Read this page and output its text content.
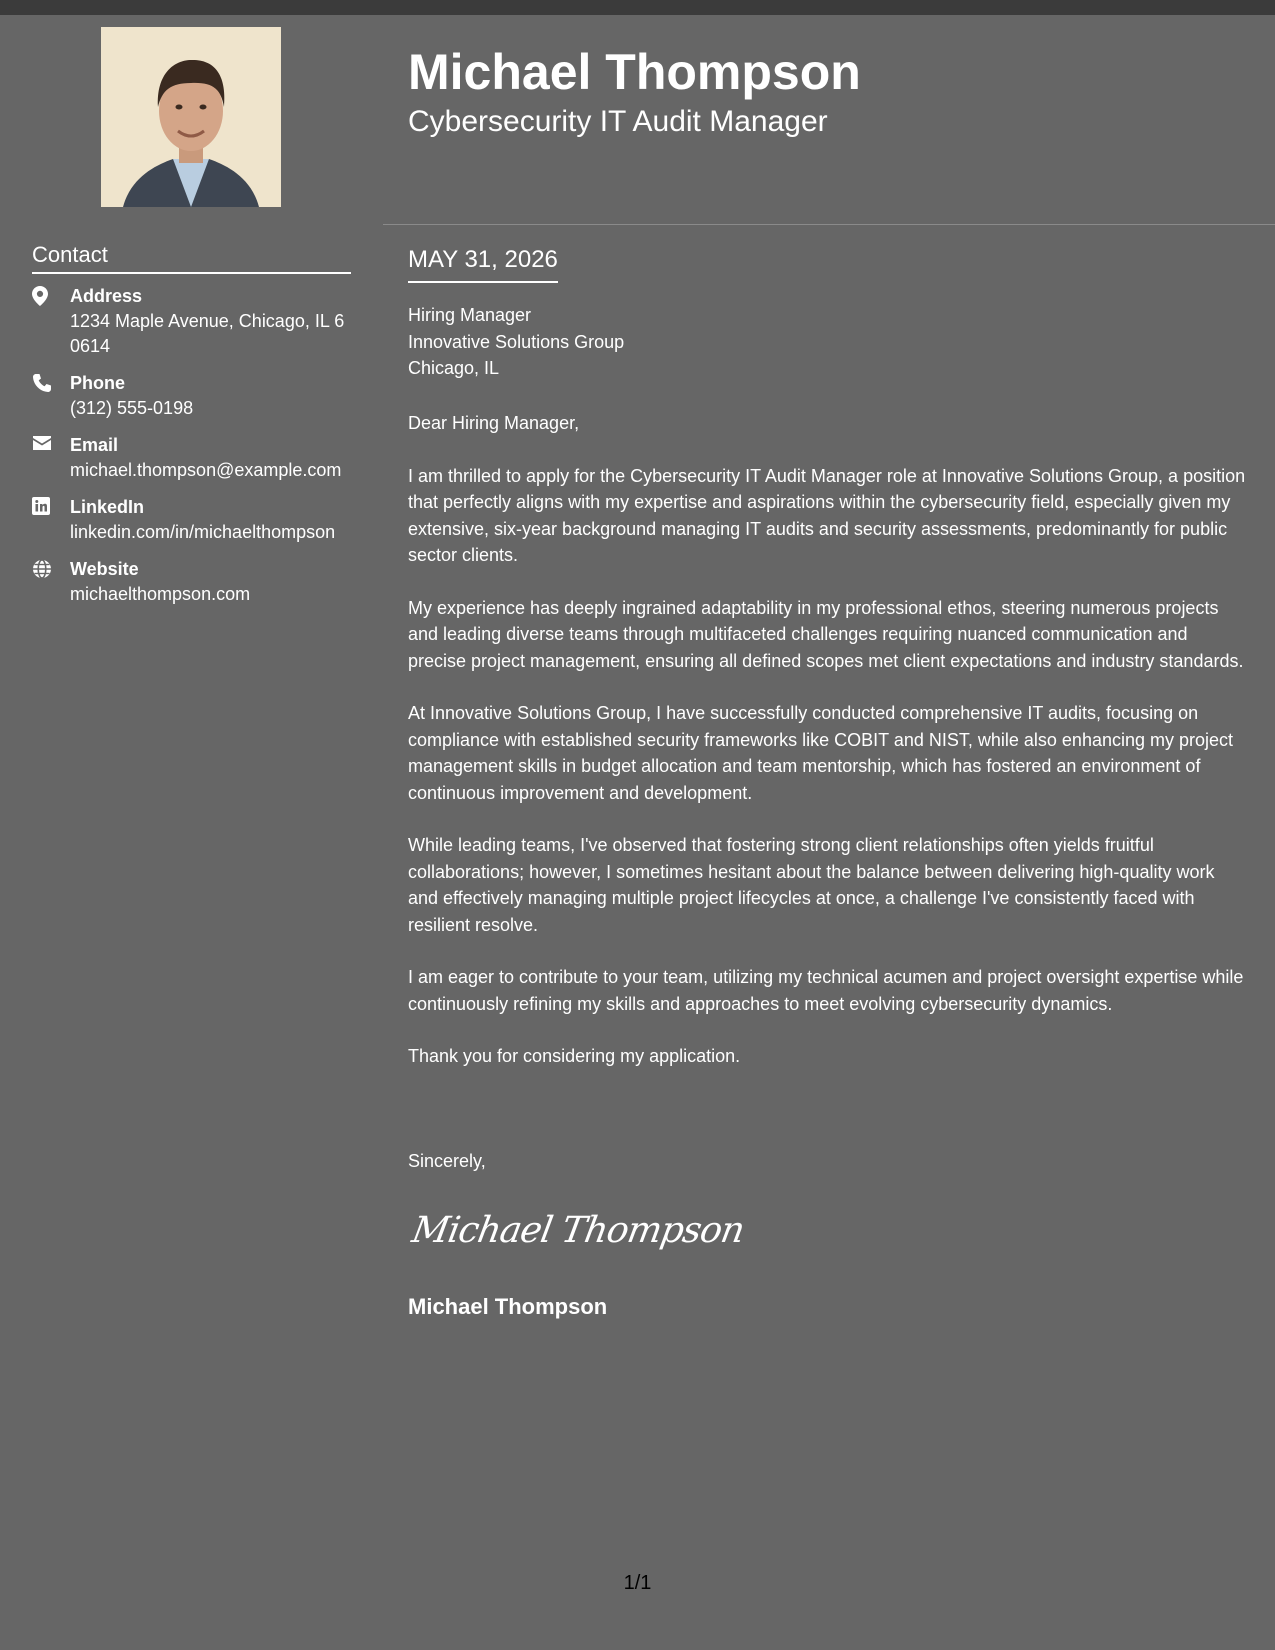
Contact
Address
1234 Maple Avenue, Chicago, IL 60614
Phone
(312) 555-0198
Email
michael.thompson@example.com
LinkedIn
linkedin.com/in/michaelthompson
Website
michaelthompson.com
Michael Thompson
Cybersecurity IT Audit Manager
MAY 31, 2026
Hiring Manager
Innovative Solutions Group
Chicago, IL

Dear Hiring Manager,

I am thrilled to apply for the Cybersecurity IT Audit Manager role at Innovative Solutions Group, a position that perfectly aligns with my expertise and aspirations within the cybersecurity field, especially given my extensive, six-year background managing IT audits and security assessments, predominantly for public sector clients.

My experience has deeply ingrained adaptability in my professional ethos, steering numerous projects and leading diverse teams through multifaceted challenges requiring nuanced communication and precise project management, ensuring all defined scopes met client expectations and industry standards.

At Innovative Solutions Group, I have successfully conducted comprehensive IT audits, focusing on compliance with established security frameworks like COBIT and NIST, while also enhancing my project management skills in budget allocation and team mentorship, which has fostered an environment of continuous improvement and development.

While leading teams, I've observed that fostering strong client relationships often yields fruitful collaborations; however, I sometimes hesitant about the balance between delivering high-quality work and effectively managing multiple project lifecycles at once, a challenge I've consistently faced with resilient resolve.

I am eager to contribute to your team, utilizing my technical acumen and project oversight expertise while continuously refining my skills and approaches to meet evolving cybersecurity dynamics.

Thank you for considering my application.

Sincerely,
Michael Thompson
Michael Thompson
1/1
